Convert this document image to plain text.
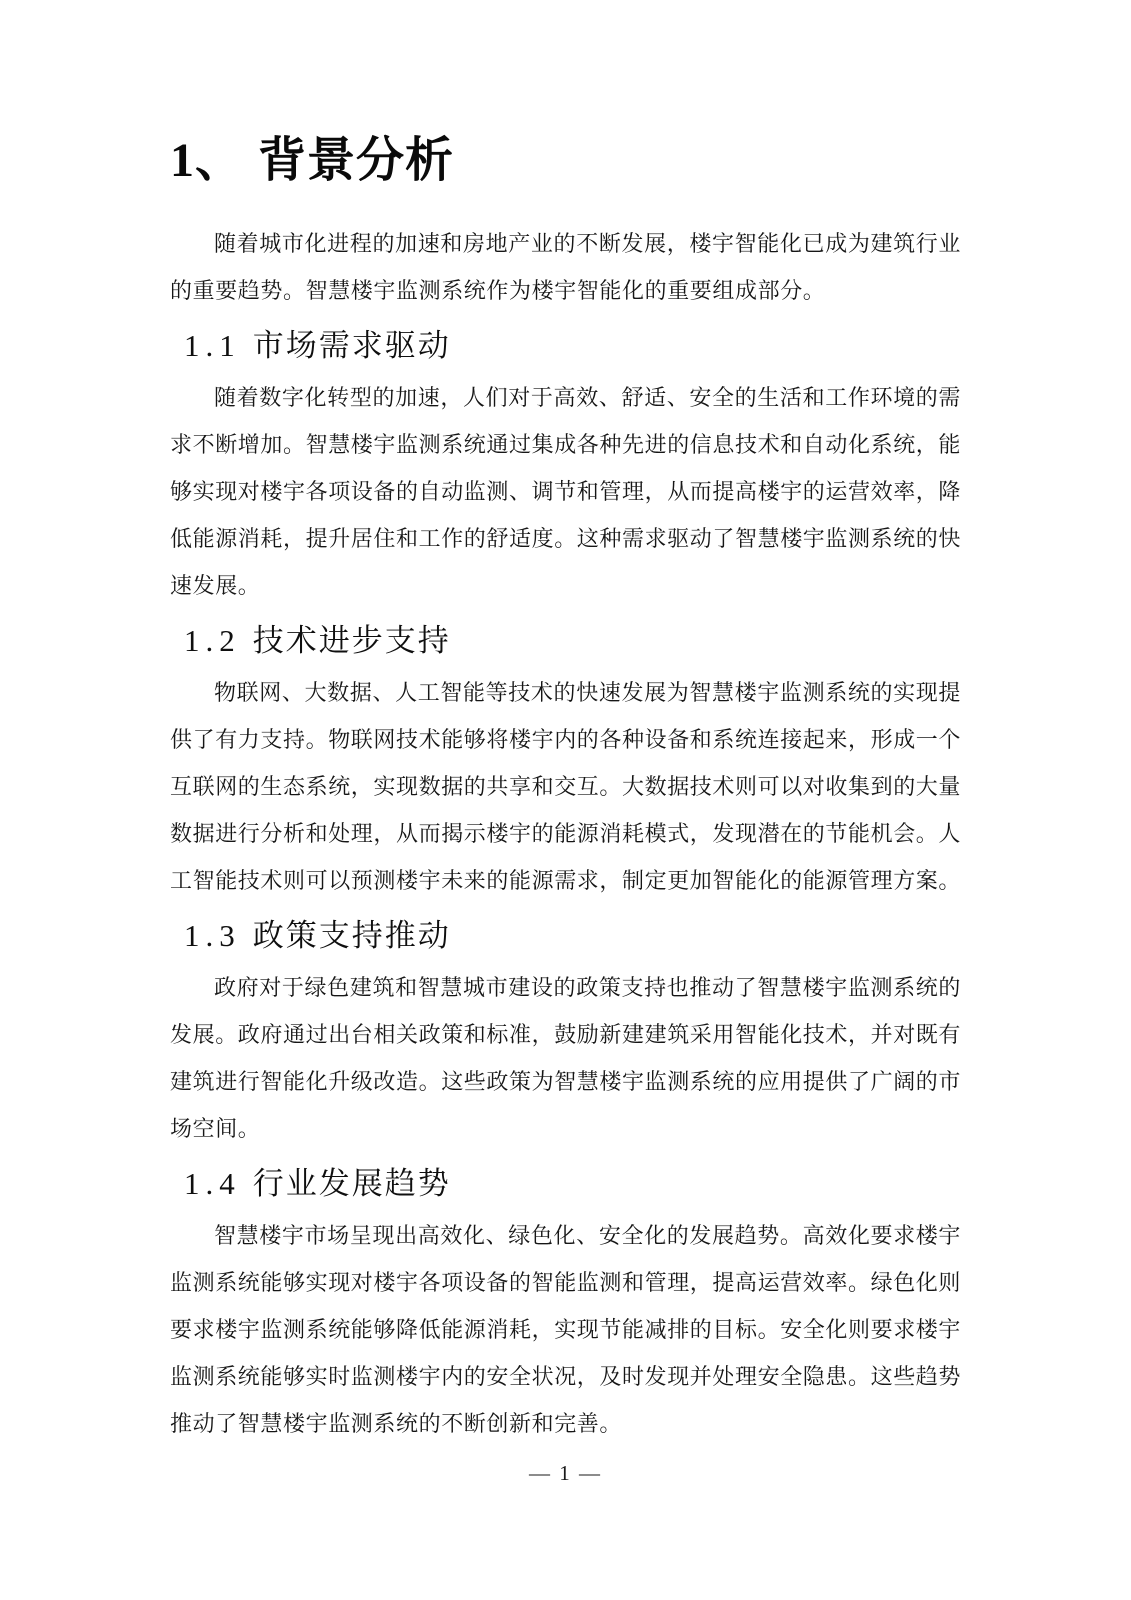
1、 背景分析

随着城市化进程的加速和房地产业的不断发展，楼宇智能化已成为建筑行业的重要趋势。智慧楼宇监测系统作为楼宇智能化的重要组成部分。

1.1 市场需求驱动

随着数字化转型的加速，人们对于高效、舒适、安全的生活和工作环境的需求不断增加。智慧楼宇监测系统通过集成各种先进的信息技术和自动化系统，能够实现对楼宇各项设备的自动监测、调节和管理，从而提高楼宇的运营效率，降低能源消耗，提升居住和工作的舒适度。这种需求驱动了智慧楼宇监测系统的快速发展。

1.2 技术进步支持

物联网、大数据、人工智能等技术的快速发展为智慧楼宇监测系统的实现提供了有力支持。物联网技术能够将楼宇内的各种设备和系统连接起来，形成一个互联网的生态系统，实现数据的共享和交互。大数据技术则可以对收集到的大量数据进行分析和处理，从而揭示楼宇的能源消耗模式，发现潜在的节能机会。人工智能技术则可以预测楼宇未来的能源需求，制定更加智能化的能源管理方案。

1.3 政策支持推动

政府对于绿色建筑和智慧城市建设的政策支持也推动了智慧楼宇监测系统的发展。政府通过出台相关政策和标准，鼓励新建建筑采用智能化技术，并对既有建筑进行智能化升级改造。这些政策为智慧楼宇监测系统的应用提供了广阔的市场空间。

1.4 行业发展趋势

智慧楼宇市场呈现出高效化、绿色化、安全化的发展趋势。高效化要求楼宇监测系统能够实现对楼宇各项设备的智能监测和管理，提高运营效率。绿色化则要求楼宇监测系统能够降低能源消耗，实现节能减排的目标。安全化则要求楼宇监测系统能够实时监测楼宇内的安全状况，及时发现并处理安全隐患。这些趋势推动了智慧楼宇监测系统的不断创新和完善。

— 1 —
